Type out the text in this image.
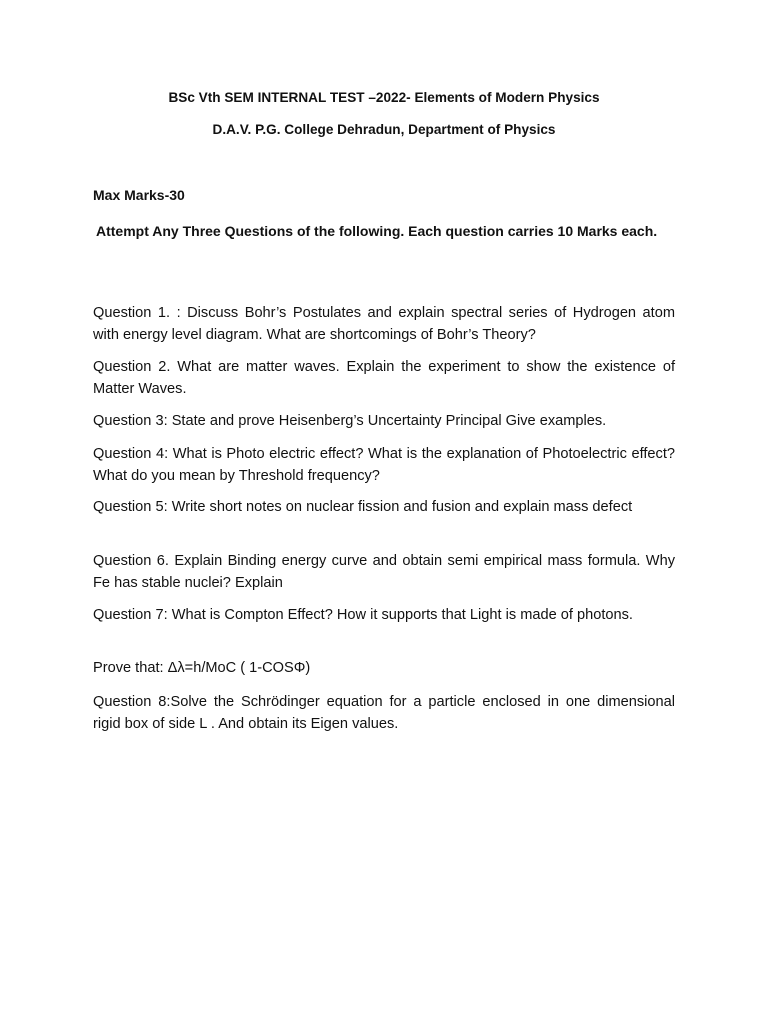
BSc Vth SEM INTERNAL TEST –2022- Elements of Modern Physics
D.A.V. P.G. College Dehradun, Department of Physics
Max Marks-30
Attempt Any Three Questions of the following. Each question carries 10 Marks each.
Question 1. : Discuss Bohr’s Postulates and explain spectral series of Hydrogen atom with energy level diagram. What are shortcomings of Bohr’s Theory?
Question 2. What are matter waves. Explain the experiment to show the existence of Matter Waves.
Question 3: State and prove Heisenberg’s Uncertainty Principal Give examples.
Question 4: What is Photo electric effect? What is the explanation of Photoelectric effect? What do you mean by Threshold frequency?
Question 5: Write short notes on nuclear fission and fusion and explain mass defect
Question 6. Explain Binding energy curve and obtain semi empirical mass formula. Why Fe has stable nuclei? Explain
Question 7: What is Compton Effect? How it supports that Light is made of photons.
Prove that: Δλ=h/MoC ( 1-COSΦ)
Question 8:Solve the Schrödinger equation for a particle enclosed in one dimensional rigid box of side L . And obtain its Eigen values.
